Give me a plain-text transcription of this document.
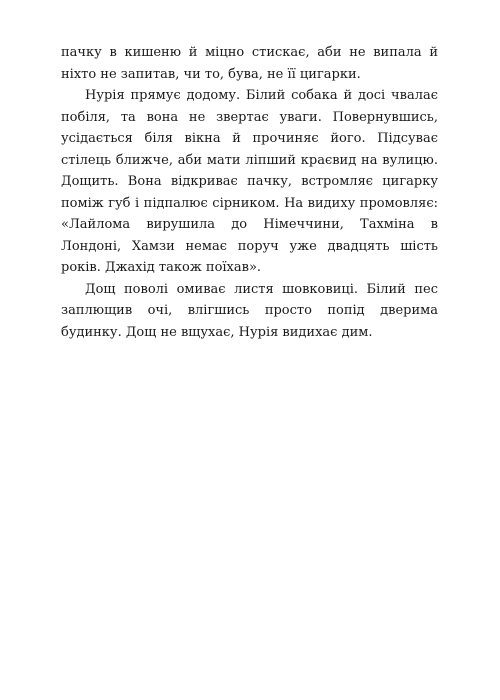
пачку в кишеню й міцно стискає, аби не випала й ніхто не запитав, чи то, бува, не її цигарки.

Нурія прямує додому. Білий собака й досі чвалає побіля, та вона не звертає уваги. Повернувшись, усідається біля вікна й прочиняє його. Підсуває стілець ближче, аби мати ліпший краєвид на вулицю. Дощить. Вона відкриває пачку, встромляє цигарку поміж губ і підпалює сірником. На видиху промовляє: «Лайлома вирушила до Німеччини, Тахміна в Лондоні, Хамзи немає поруч уже двадцять шість років. Джахід також поїхав».

Дощ поволі омиває листя шовковиці. Білий пес заплющив очі, влігшись просто попід дверима будинку. Дощ не вщухає, Нурія видихає дим.
